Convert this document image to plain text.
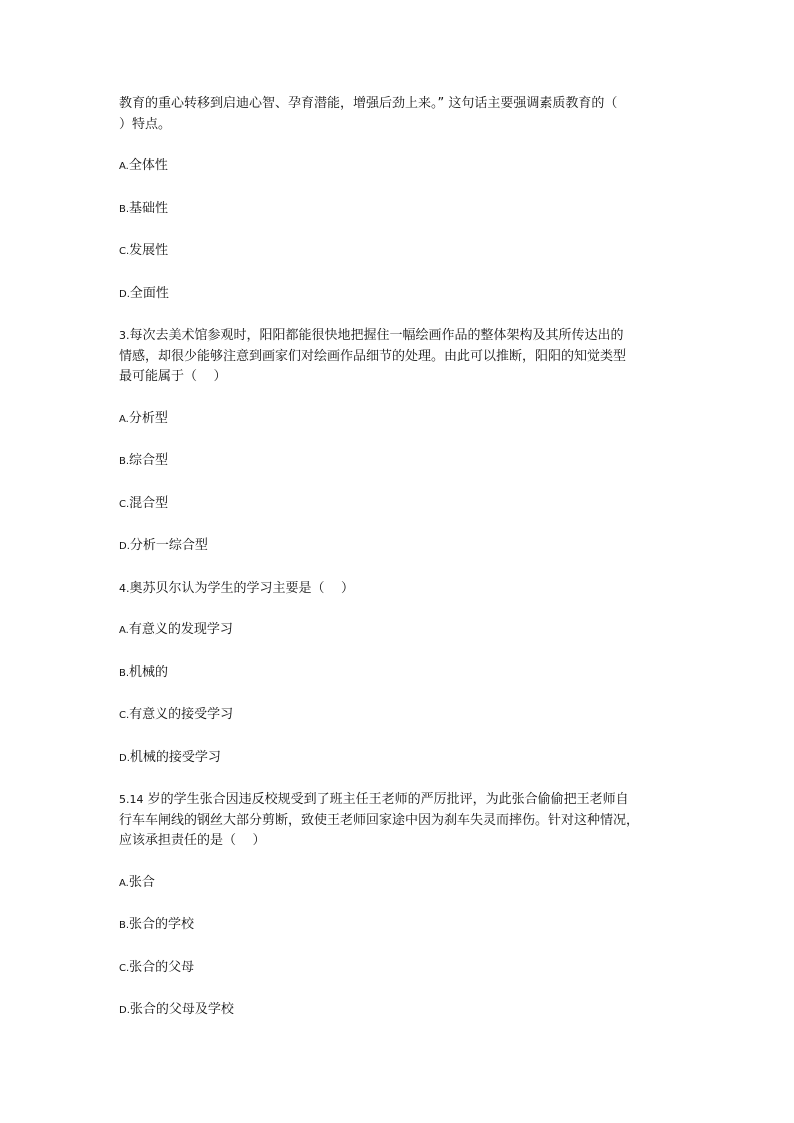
教育的重心转移到启迪心智、孕育潜能，增强后劲上来。” 这句话主要强调素质教育的（
）特点。
A.全体性
B.基础性
C.发展性
D.全面性
3.每次去美术馆参观时，阳阳都能很快地把握住一幅绘画作品的整体架构及其所传达出的
情感，却很少能够注意到画家们对绘画作品细节的处理。由此可以推断，阳阳的知觉类型
最可能属于（    ）
A.分析型
B.综合型
C.混合型
D.分析一综合型
4.奥苏贝尔认为学生的学习主要是（    ）
A.有意义的发现学习
B.机械的
C.有意义的接受学习
D.机械的接受学习
5.14 岁的学生张合因违反校规受到了班主任王老师的严厉批评，为此张合偷偷把王老师自
行车车闸线的钢丝大部分剪断，致使王老师回家途中因为刹车失灵而摔伤。针对这种情况，
应该承担责任的是（    ）
A.张合
B.张合的学校
C.张合的父母
D.张合的父母及学校
